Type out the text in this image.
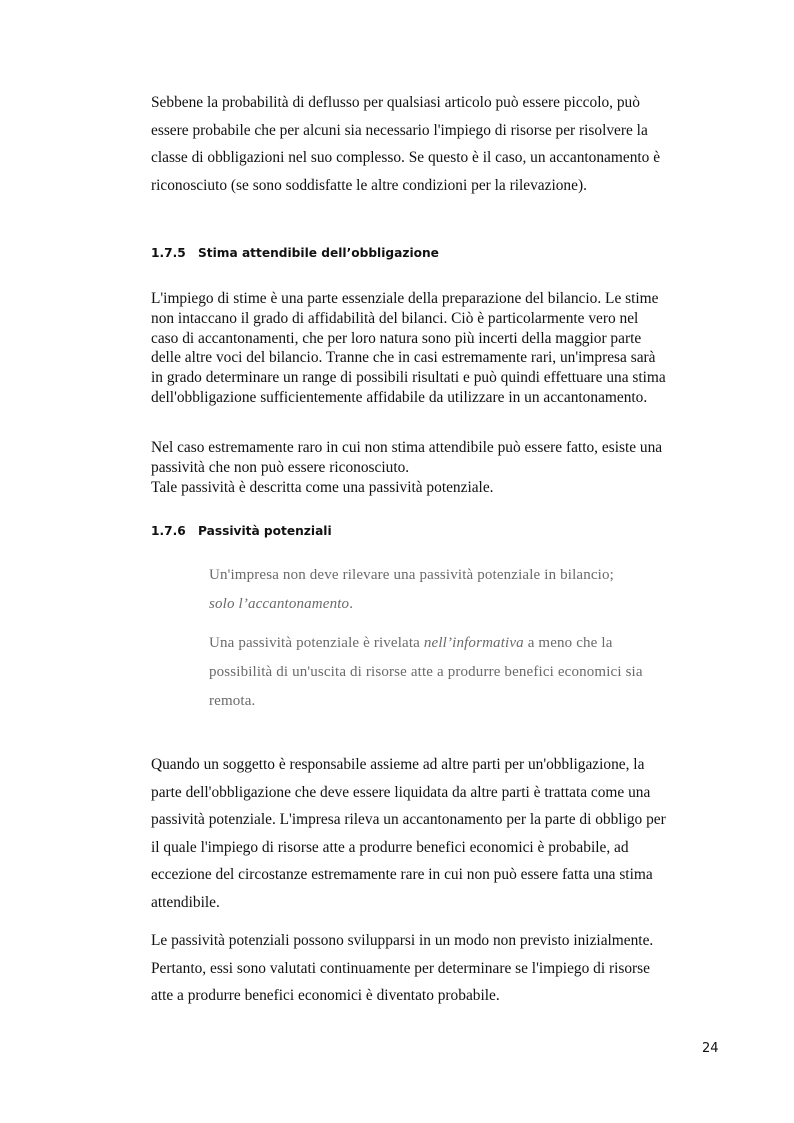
Sebbene la probabilità di deflusso per qualsiasi articolo può essere piccolo, può essere probabile che per alcuni sia necessario l'impiego di risorse per risolvere la classe di obbligazioni nel suo complesso. Se questo è il caso, un accantonamento è riconosciuto (se sono soddisfatte le altre condizioni per la rilevazione).
1.7.5 Stima attendibile dell’obbligazione
L'impiego di stime è una parte essenziale della preparazione del bilancio. Le stime non intaccano il grado di affidabilità del bilanci. Ciò è particolarmente vero nel caso di accantonamenti, che per loro natura sono più incerti della maggior parte delle altre voci del bilancio. Tranne che in casi estremamente rari, un'impresa sarà in grado determinare un range di possibili risultati e può quindi effettuare una stima dell'obbligazione sufficientemente affidabile da utilizzare in un accantonamento.
Nel caso estremamente raro in cui non stima attendibile può essere fatto, esiste una passività che non può essere riconosciuto.
Tale passività è descritta come una passività potenziale.
1.7.6 Passività potenziali
Un'impresa non deve rilevare una passività potenziale in bilancio;
solo l’accantonamento.
Una passività potenziale è rivelata nell’informativa a meno che la possibilità di un'uscita di risorse atte a produrre benefici economici sia remota.
Quando un soggetto è responsabile assieme ad altre parti per un'obbligazione, la parte dell'obbligazione che deve essere liquidata da altre parti è trattata come una passività potenziale. L'impresa rileva un accantonamento per la parte di obbligo per il quale l'impiego di risorse atte a produrre benefici economici è probabile, ad eccezione del circostanze estremamente rare in cui non può essere fatta una stima attendibile.
Le passività potenziali possono svilupparsi in un modo non previsto inizialmente. Pertanto, essi sono valutati continuamente per determinare se l'impiego di risorse atte a produrre benefici economici è diventato probabile.
24
